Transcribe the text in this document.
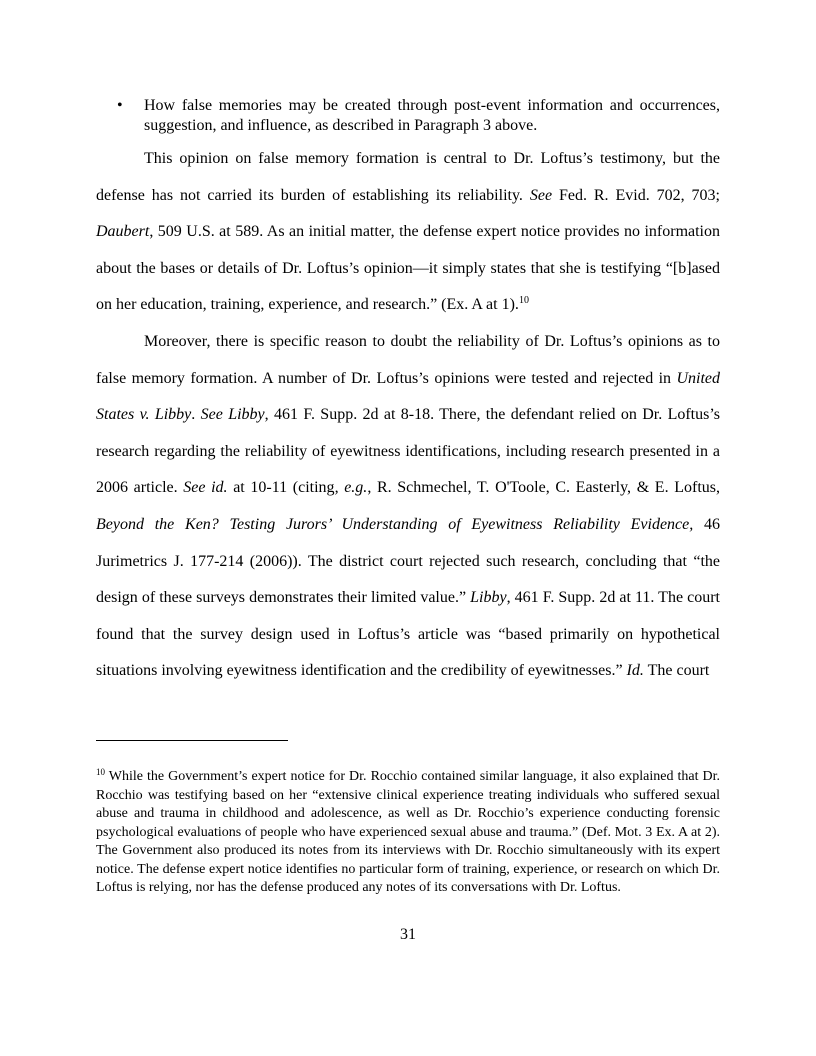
• How false memories may be created through post-event information and occurrences, suggestion, and influence, as described in Paragraph 3 above.

This opinion on false memory formation is central to Dr. Loftus’s testimony, but the defense has not carried its burden of establishing its reliability. See Fed. R. Evid. 702, 703; Daubert, 509 U.S. at 589. As an initial matter, the defense expert notice provides no information about the bases or details of Dr. Loftus’s opinion—it simply states that she is testifying “[b]ased on her education, training, experience, and research.” (Ex. A at 1).$^{10}$

Moreover, there is specific reason to doubt the reliability of Dr. Loftus’s opinions as to false memory formation. A number of Dr. Loftus’s opinions were tested and rejected in United States v. Libby. See Libby, 461 F. Supp. 2d at 8-18. There, the defendant relied on Dr. Loftus’s research regarding the reliability of eyewitness identifications, including research presented in a 2006 article. See id. at 10-11 (citing, e.g., R. Schmechel, T. O'Toole, C. Easterly, & E. Loftus, Beyond the Ken? Testing Jurors’ Understanding of Eyewitness Reliability Evidence, 46 Jurimetrics J. 177-214 (2006)). The district court rejected such research, concluding that “the design of these surveys demonstrates their limited value.” Libby, 461 F. Supp. 2d at 11. The court found that the survey design used in Loftus’s article was “based primarily on hypothetical situations involving eyewitness identification and the credibility of eyewitnesses.” Id. The court

$^{10}$ While the Government’s expert notice for Dr. Rocchio contained similar language, it also explained that Dr. Rocchio was testifying based on her “extensive clinical experience treating individuals who suffered sexual abuse and trauma in childhood and adolescence, as well as Dr. Rocchio’s experience conducting forensic psychological evaluations of people who have experienced sexual abuse and trauma.” (Def. Mot. 3 Ex. A at 2). The Government also produced its notes from its interviews with Dr. Rocchio simultaneously with its expert notice. The defense expert notice identifies no particular form of training, experience, or research on which Dr. Loftus is relying, nor has the defense produced any notes of its conversations with Dr. Loftus.
31
